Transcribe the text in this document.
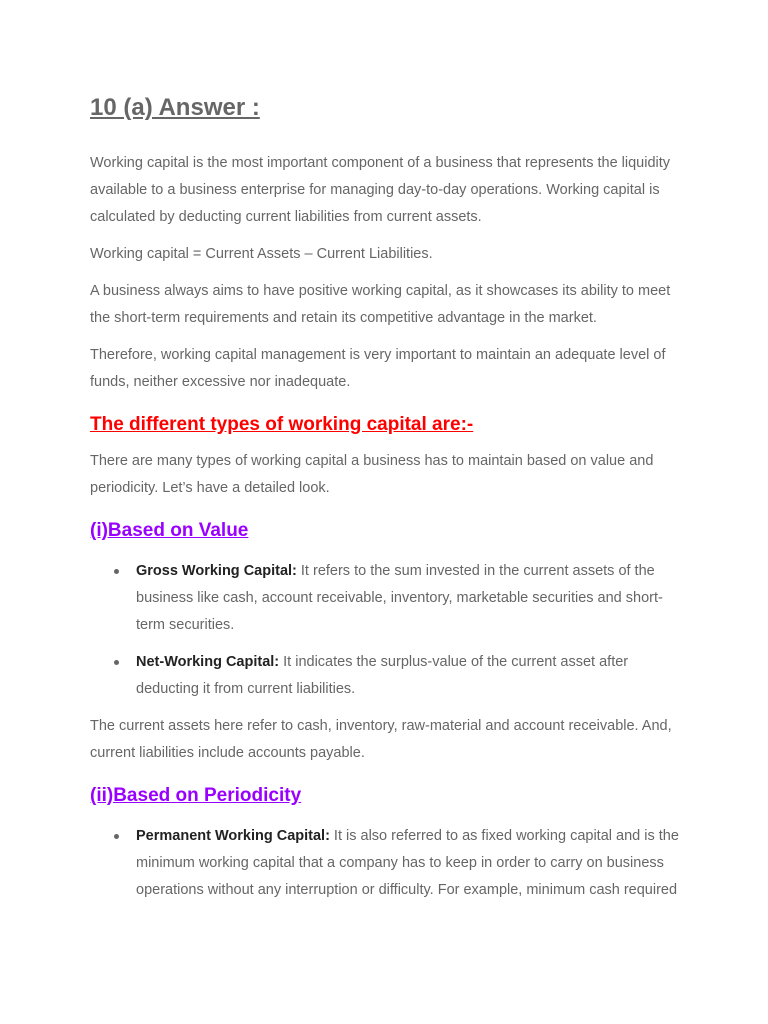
10 (a) Answer :

Working capital is the most important component of a business that represents the liquidity available to a business enterprise for managing day-to-day operations. Working capital is calculated by deducting current liabilities from current assets.

Working capital = Current Assets – Current Liabilities.

A business always aims to have positive working capital, as it showcases its ability to meet the short-term requirements and retain its competitive advantage in the market.

Therefore, working capital management is very important to maintain an adequate level of funds, neither excessive nor inadequate.

The different types of working capital are:-

There are many types of working capital a business has to maintain based on value and periodicity. Let’s have a detailed look.

(i)Based on Value
Gross Working Capital: It refers to the sum invested in the current assets of the business like cash, account receivable, inventory, marketable securities and short-term securities.
Net-Working Capital: It indicates the surplus-value of the current asset after deducting it from current liabilities.

The current assets here refer to cash, inventory, raw-material and account receivable. And, current liabilities include accounts payable.

(ii)Based on Periodicity
Permanent Working Capital: It is also referred to as fixed working capital and is the minimum working capital that a company has to keep in order to carry on business operations without any interruption or difficulty. For example, minimum cash required
